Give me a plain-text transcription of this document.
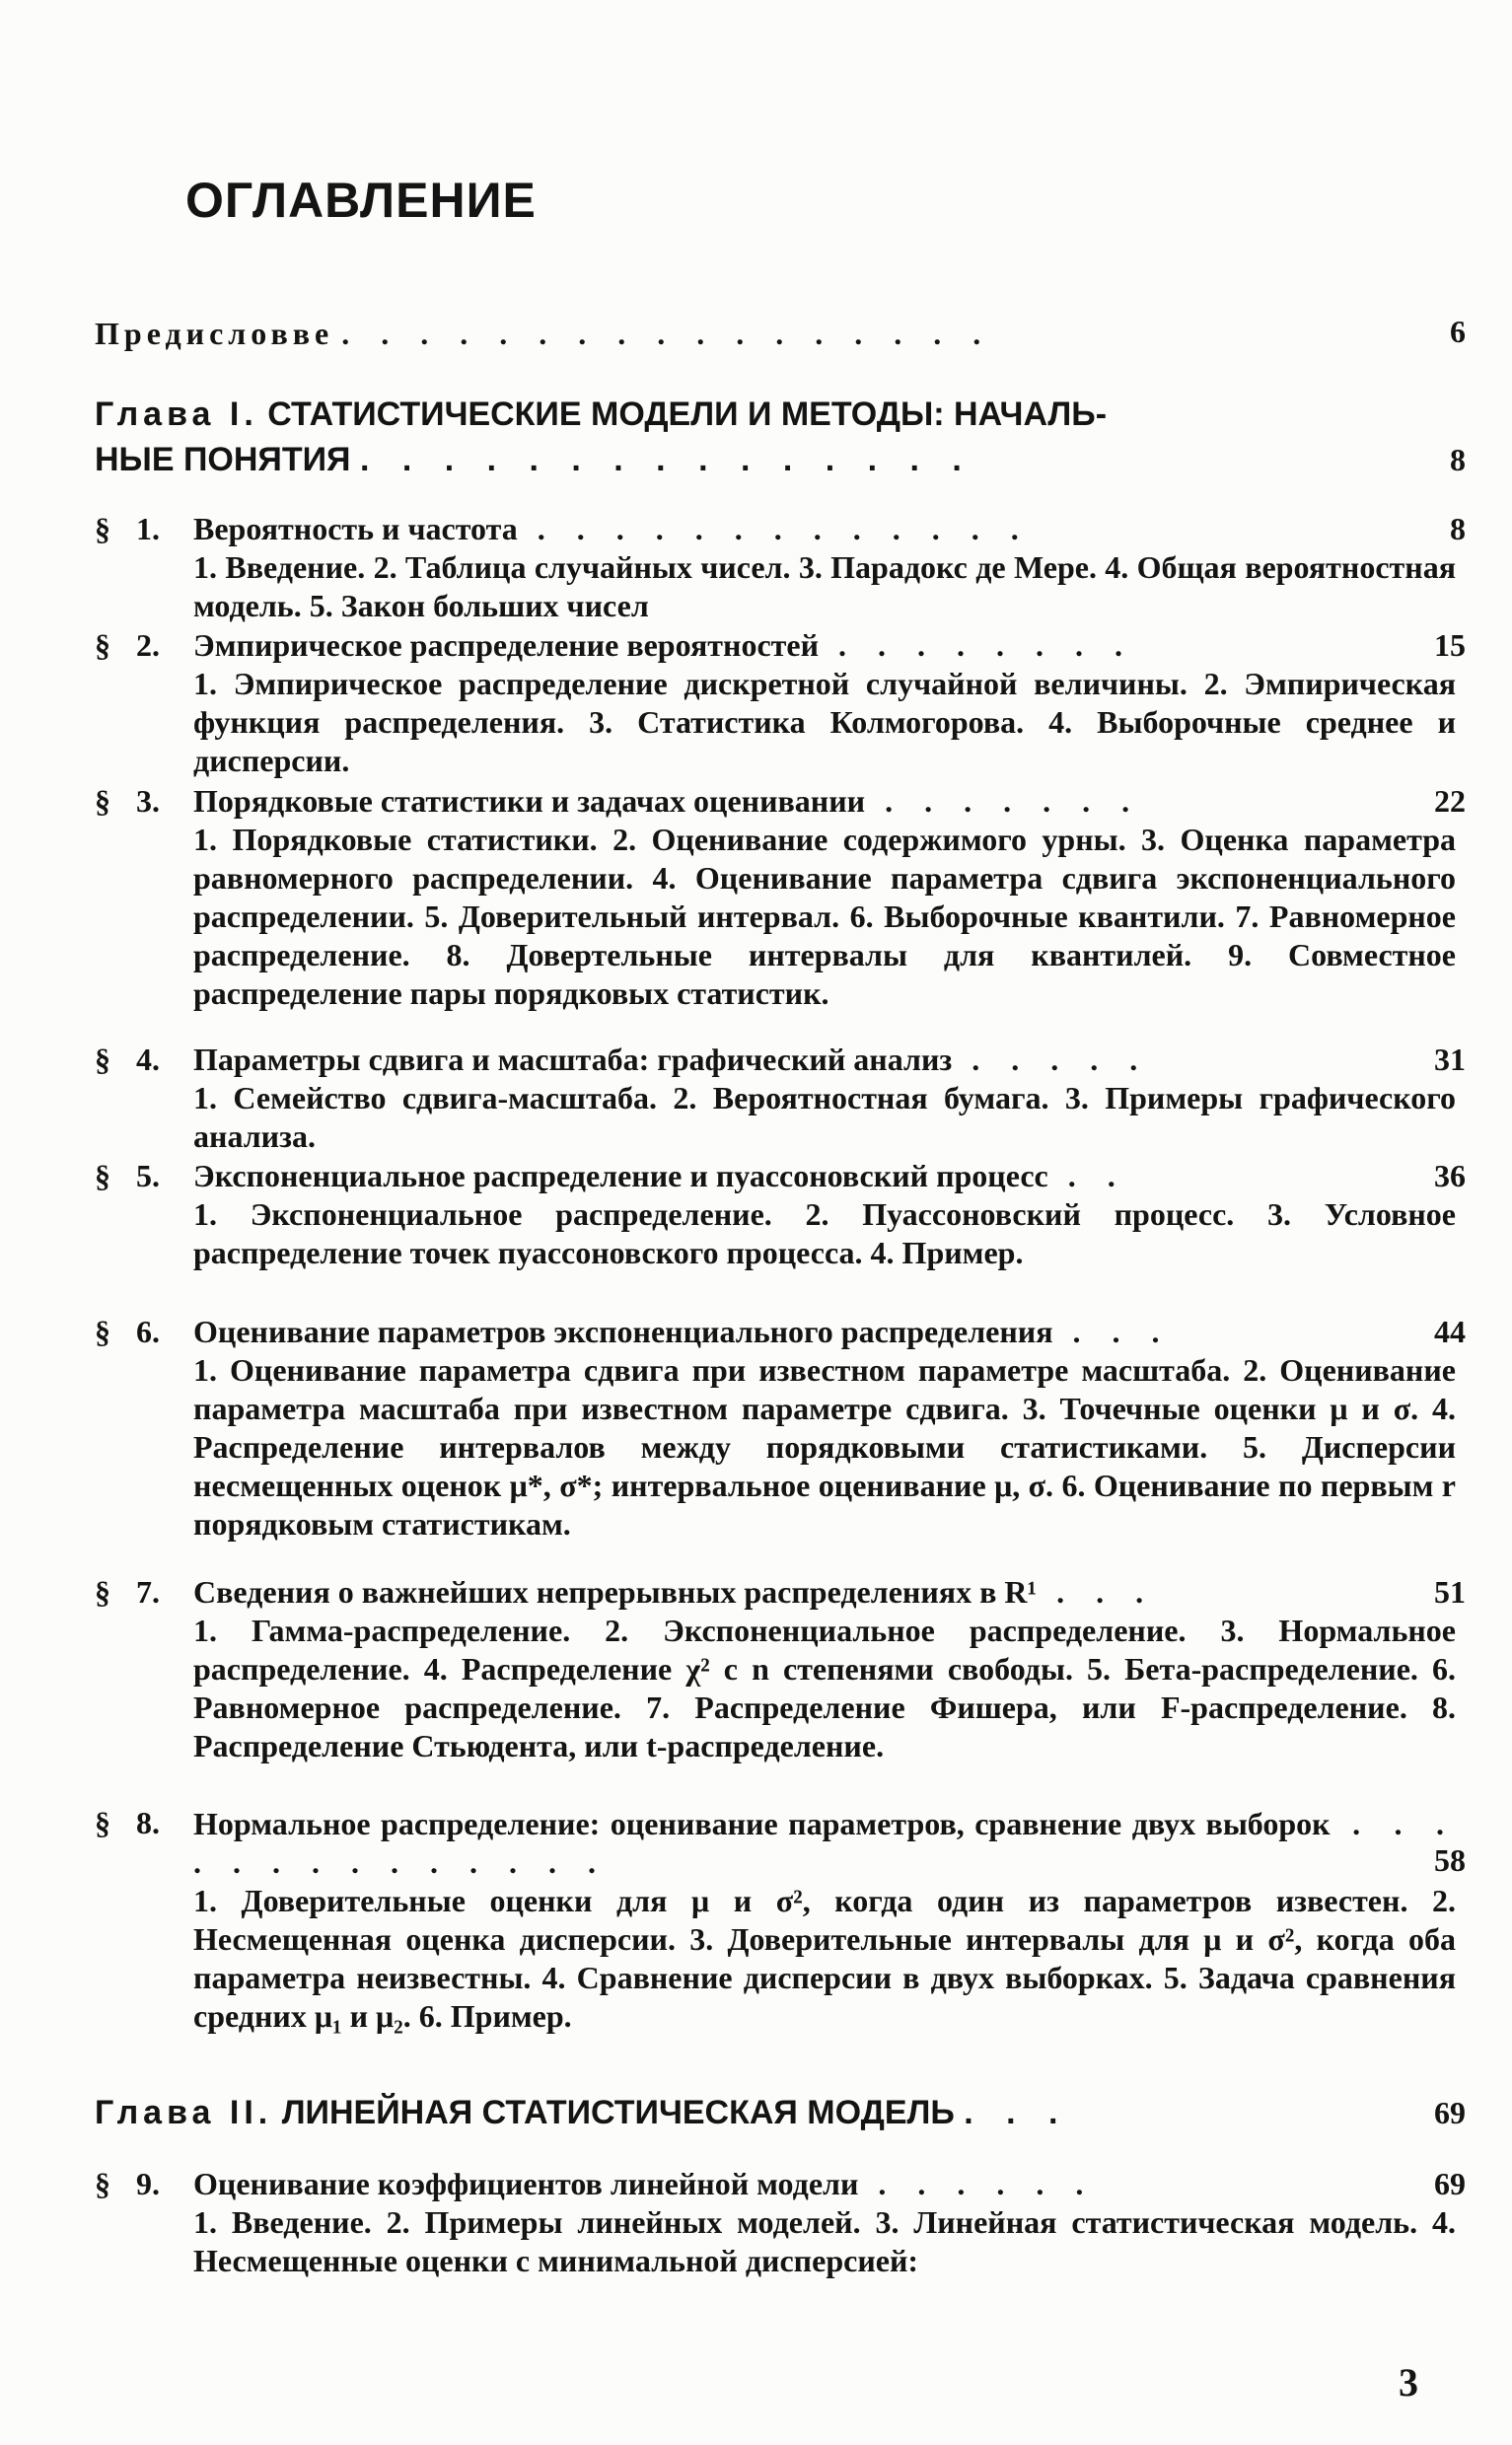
ОГЛАВЛЕНИЕ
Предисловве . . . . . . . . . . . . . . . . .	6
Глава I. СТАТИСТИЧЕСКИЕ МОДЕЛИ И МЕТОДЫ: НАЧАЛЬ-
НЫЕ ПОНЯТИЯ . . . . . . . . . . . . . . .	8
§ 1. Вероятность и частота . . . . . . . . . . . . .	8
1. Введение. 2. Таблица случайных чисел. 3. Парадокс де Мере. 4. Общая вероятностная модель. 5. Закон больших чисел
§ 2. Эмпирическое распределение вероятностей . . . . . . . .	15
1. Эмпирическое распределение дискретной случайной величины. 2. Эмпирическая функция распределения. 3. Статистика Колмогорова. 4. Выборочные среднее и дисперсии.
§ 3. Порядковые статистики и задачах оценивании . . . . . . .	22
1. Порядковые статистики. 2. Оценивание содержимого урны. 3. Оценка параметра равномерного распределении. 4. Оценивание параметра сдвига экспоненциального распределении. 5. Доверительный интервал. 6. Выборочные квантили. 7. Равномерное распределение. 8. Довертельные интервалы для квантилей. 9. Совместное распределение пары порядковых статистик.
§ 4. Параметры сдвига и масштаба: графический анализ . . . . .	31
1. Семейство сдвига-масштаба. 2. Вероятностная бумага. 3. Примеры графического анализа.
§ 5. Экспоненциальное распределение и пуассоновский процесс . .	36
1. Экспоненциальное распределение. 2. Пуассоновский процесс. 3. Условное распределение точек пуассоновского процесса. 4. Пример.
§ 6. Оценивание параметров экспоненциального распределения . . .	44
1. Оценивание параметра сдвига при известном параметре масштаба. 2. Оценивание параметра масштаба при известном параметре сдвига. 3. Точечные оценки μ и σ. 4. Распределение интервалов между порядковыми статистиками. 5. Дисперсии несмещенных оценок μ*, σ*; интервальное оценивание μ, σ. 6. Оценивание по первым r порядковым статистикам.
§ 7. Сведения о важнейших непрерывных распределениях в R¹ . . .	51
1. Гамма-распределение. 2. Экспоненциальное распределение. 3. Нормальное распределение. 4. Распределение χ² с n степенями свободы. 5. Бета-распределение. 6. Равномерное распределение. 7. Распределение Фишера, или F-распределение. 8. Распределение Стьюдента, или t-распределение.
§ 8. Нормальное распределение: оценивание параметров, сравнение двух выборок . . . . . . . . . . . . . .	58
1. Доверительные оценки для μ и σ², когда один из параметров известен. 2. Несмещенная оценка дисперсии. 3. Доверительные интервалы для μ и σ², когда оба параметра неизвестны. 4. Сравнение дисперсии в двух выборках. 5. Задача сравнения средних μ₁ и μ₂. 6. Пример.
Глава II. ЛИНЕЙНАЯ СТАТИСТИЧЕСКАЯ МОДЕЛЬ . . .	69
§ 9. Оценивание коэффициентов линейной модели . . . . . .	69
1. Введение. 2. Примеры линейных моделей. 3. Линейная статистическая модель. 4. Несмещенные оценки с минимальной дисперсией:
3
